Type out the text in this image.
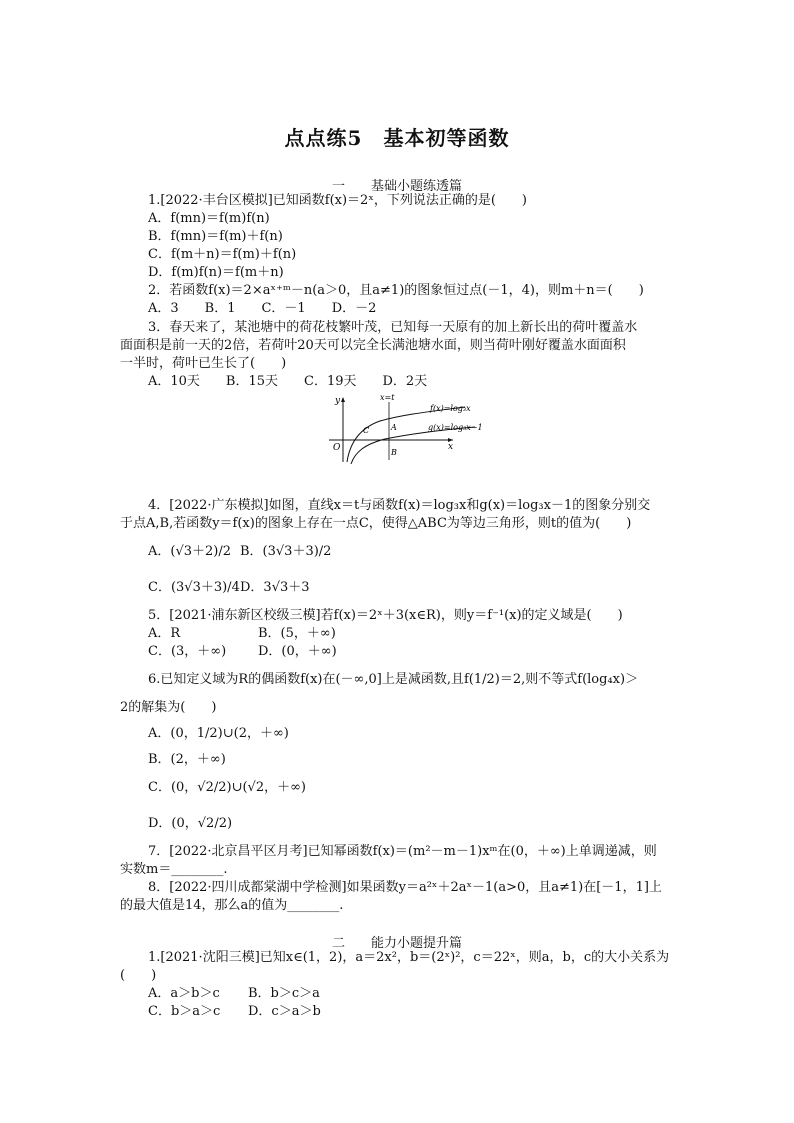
点点练5　基本初等函数
一　　基础小题练透篇
1.[2022·丰台区模拟]已知函数f(x)＝2ˣ，下列说法正确的是(　　)
A．f(mn)＝f(m)f(n)
B．f(mn)＝f(m)＋f(n)
C．f(m＋n)＝f(m)＋f(n)
D．f(m)f(n)＝f(m＋n)
2．若函数f(x)＝2×aˣ⁺ᵐ－n(a＞0，且a≠1)的图象恒过点(－1，4)，则m＋n＝(　　)
A．3　　B．1　　C．－1　　D．－2
3．春天来了，某池塘中的荷花枝繁叶茂，已知每一天原有的加上新长出的荷叶覆盖水
面面积是前一天的2倍，若荷叶20天可以完全长满池塘水面，则当荷叶刚好覆盖水面面积
一半时，荷叶已生长了(　　)
A．10天　　B．15天　　C．19天　　D．2天
y
x
O
x=t
f(x)=log₃x
g(x)=log₃x−1
A
B
C
4．[2022·广东模拟]如图，直线x＝t与函数f(x)＝log₃x和g(x)＝log₃x－1的图象分别交
于点A,B,若函数y＝f(x)的图象上存在一点C，使得△ABC为等边三角形，则t的值为(　　)
A．(√3＋2)/2 B．(3√3＋3)/2
C．(3√3＋3)/4 D．3√3＋3
5．[2021·浦东新区校级三模]若f(x)＝2ˣ＋3(x∈R)，则y＝f⁻¹(x)的定义域是(　　)
A．R	B．(5，＋∞)
C．(3，＋∞) D．(0，＋∞)
6.已知定义域为R的偶函数f(x)在(－∞,0]上是减函数,且f(1/2)＝2,则不等式f(log₄x)＞
2的解集为(　　)
A．(0，1/2)∪(2，＋∞)
B．(2，＋∞)
C．(0，√2/2)∪(√2，＋∞)
D．(0，√2/2)
7．[2022·北京昌平区月考]已知幂函数f(x)＝(m²－m－1)xᵐ在(0，＋∞)上单调递减，则
实数m＝________.
8．[2022·四川成都棠湖中学检测]如果函数y＝a²ˣ＋2aˣ－1(a>0，且a≠1)在[－1，1]上
的最大值是14，那么a的值为________.
二　　能力小题提升篇
1.[2021·沈阳三模]已知x∈(1，2)，a＝2x²，b＝(2ˣ)²，c＝22ˣ，则a，b，c的大小关系为
(　　)
A．a＞b＞c B．b＞c＞a
C．b＞a＞c D．c＞a＞b
